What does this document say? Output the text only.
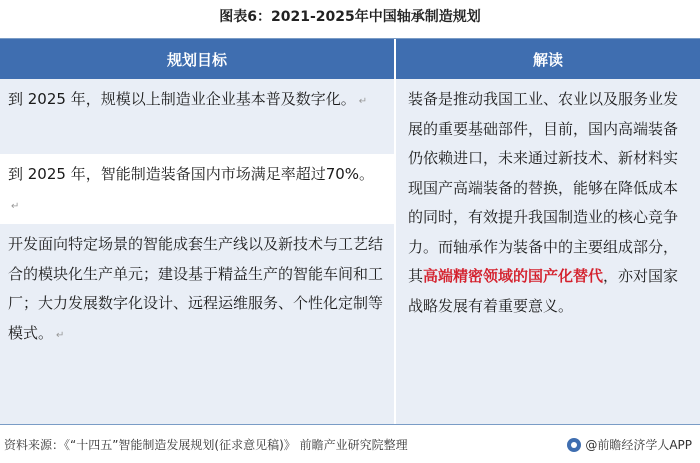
图表6：2021-2025年中国轴承制造规划
规划目标	解读
到 2025 年，规模以上制造业企业基本普及数字化。 ↵
到 2025 年，智能制造装备国内市场满足率超过70%。↵
开发面向特定场景的智能成套生产线以及新技术与工艺结合的模块化生产单元；建设基于精益生产的智能车间和工厂；大力发展数字化设计、远程运维服务、个性化定制等模式。 ↵
装备是推动我国工业、农业以及服务业发展的重要基础部件，目前，国内高端装备仍依赖进口，未来通过新技术、新材料实现国产高端装备的替换，能够在降低成本的同时，有效提升我国制造业的核心竞争力。而轴承作为装备中的主要组成部分，其高端精密领域的国产化替代，亦对国家战略发展有着重要意义。
资料来源：《“十四五”智能制造发展规划(征求意见稿)》 前瞻产业研究院整理	@前瞻经济学人APP
